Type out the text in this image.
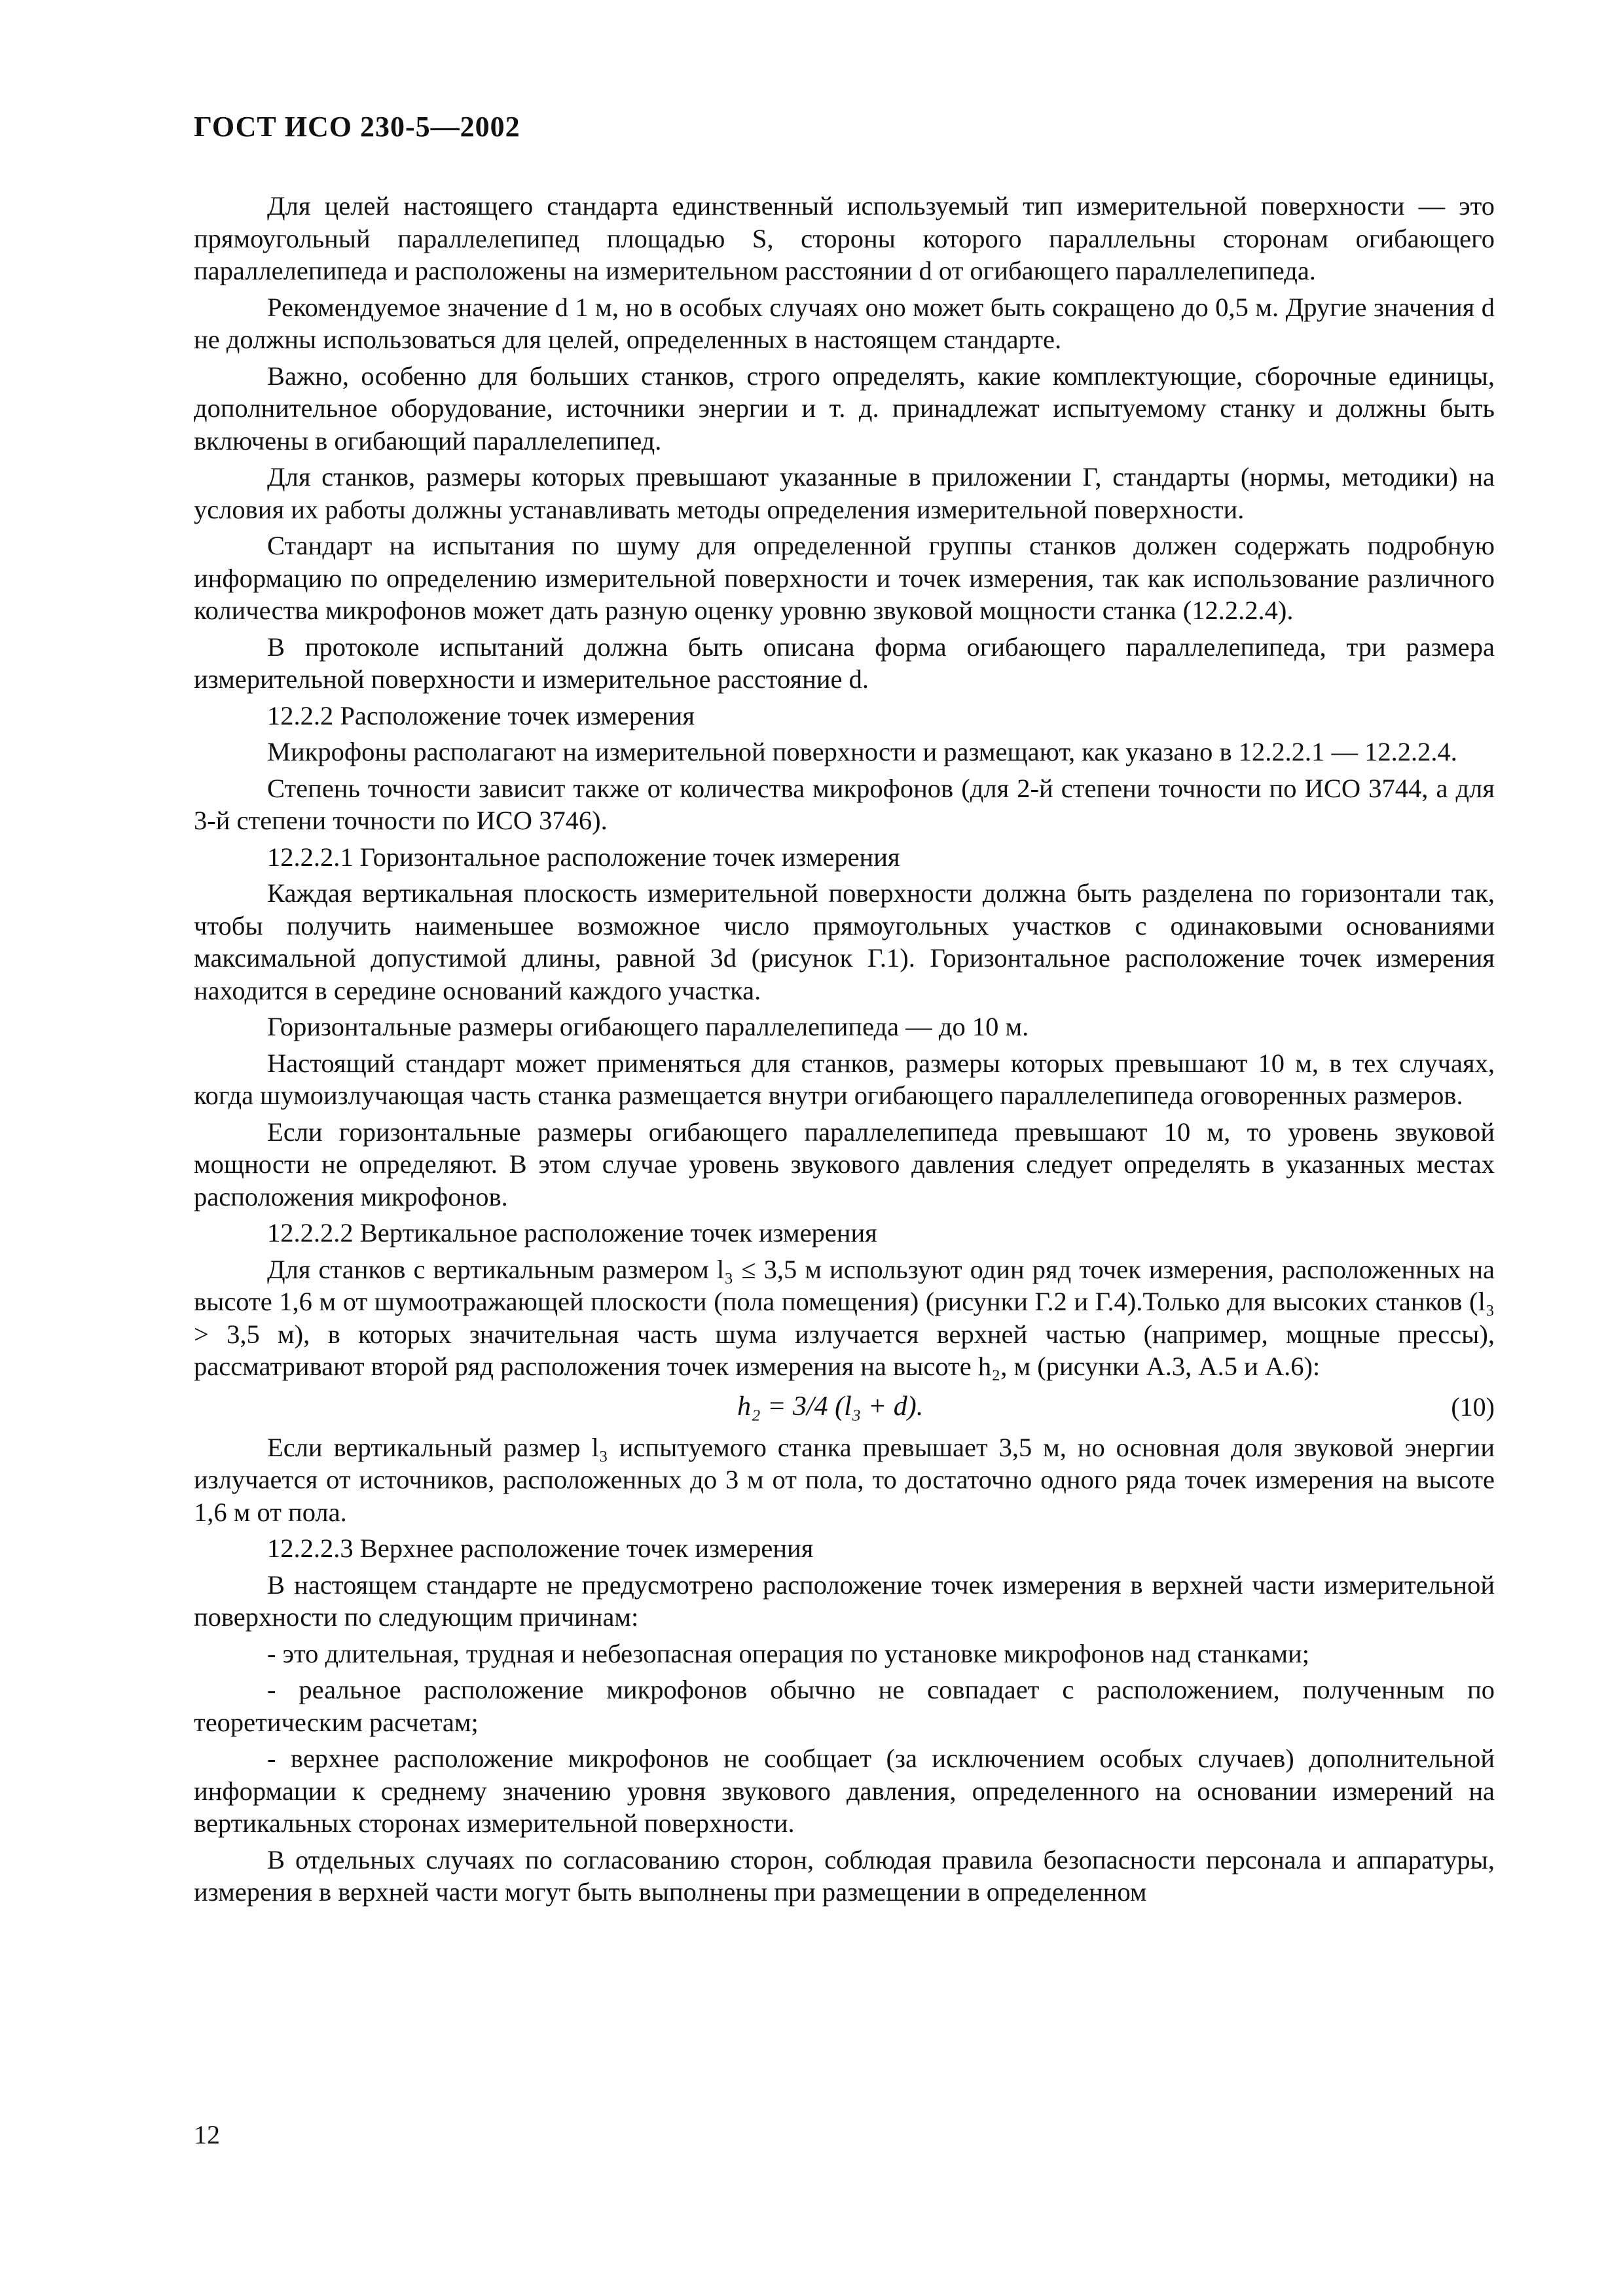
ГОСТ ИСО 230-5—2002

Для целей настоящего стандарта единственный используемый тип измерительной поверхности — это прямоугольный параллелепипед площадью S, стороны которого параллельны сторонам огибающего параллелепипеда и расположены на измерительном расстоянии d от огибающего параллелепипеда.

Рекомендуемое значение d 1 м, но в особых случаях оно может быть сокращено до 0,5 м. Другие значения d не должны использоваться для целей, определенных в настоящем стандарте.

Важно, особенно для больших станков, строго определять, какие комплектующие, сборочные единицы, дополнительное оборудование, источники энергии и т. д. принадлежат испытуемому станку и должны быть включены в огибающий параллелепипед.

Для станков, размеры которых превышают указанные в приложении Г, стандарты (нормы, методики) на условия их работы должны устанавливать методы определения измерительной поверхности.

Стандарт на испытания по шуму для определенной группы станков должен содержать подробную информацию по определению измерительной поверхности и точек измерения, так как использование различного количества микрофонов может дать разную оценку уровню звуковой мощности станка (12.2.2.4).

В протоколе испытаний должна быть описана форма огибающего параллелепипеда, три размера измерительной поверхности и измерительное расстояние d.

12.2.2 Расположение точек измерения

Микрофоны располагают на измерительной поверхности и размещают, как указано в 12.2.2.1 — 12.2.2.4.

Степень точности зависит также от количества микрофонов (для 2-й степени точности по ИСО 3744, а для 3-й степени точности по ИСО 3746).

12.2.2.1 Горизонтальное расположение точек измерения

Каждая вертикальная плоскость измерительной поверхности должна быть разделена по горизонтали так, чтобы получить наименьшее возможное число прямоугольных участков с одинаковыми основаниями максимальной допустимой длины, равной 3d (рисунок Г.1). Горизонтальное расположение точек измерения находится в середине оснований каждого участка.

Горизонтальные размеры огибающего параллелепипеда — до 10 м.

Настоящий стандарт может применяться для станков, размеры которых превышают 10 м, в тех случаях, когда шумоизлучающая часть станка размещается внутри огибающего параллелепипеда оговоренных размеров.

Если горизонтальные размеры огибающего параллелепипеда превышают 10 м, то уровень звуковой мощности не определяют. В этом случае уровень звукового давления следует определять в указанных местах расположения микрофонов.

12.2.2.2 Вертикальное расположение точек измерения

Для станков с вертикальным размером l₃ ≤ 3,5 м используют один ряд точек измерения, расположенных на высоте 1,6 м от шумоотражающей плоскости (пола помещения) (рисунки Г.2 и Г.4).Только для высоких станков (l₃ > 3,5 м), в которых значительная часть шума излучается верхней частью (например, мощные прессы), рассматривают второй ряд расположения точек измерения на высоте h₂, м (рисунки А.3, А.5 и А.6):

h₂ = 3/4 (l₃ + d).	(10)

Если вертикальный размер l₃ испытуемого станка превышает 3,5 м, но основная доля звуковой энергии излучается от источников, расположенных до 3 м от пола, то достаточно одного ряда точек измерения на высоте 1,6 м от пола.

12.2.2.3 Верхнее расположение точек измерения

В настоящем стандарте не предусмотрено расположение точек измерения в верхней части измерительной поверхности по следующим причинам:

- это длительная, трудная и небезопасная операция по установке микрофонов над станками;

- реальное расположение микрофонов обычно не совпадает с расположением, полученным по теоретическим расчетам;

- верхнее расположение микрофонов не сообщает (за исключением особых случаев) дополнительной информации к среднему значению уровня звукового давления, определенного на основании измерений на вертикальных сторонах измерительной поверхности.

В отдельных случаях по согласованию сторон, соблюдая правила безопасности персонала и аппаратуры, измерения в верхней части могут быть выполнены при размещении в определенном

12
